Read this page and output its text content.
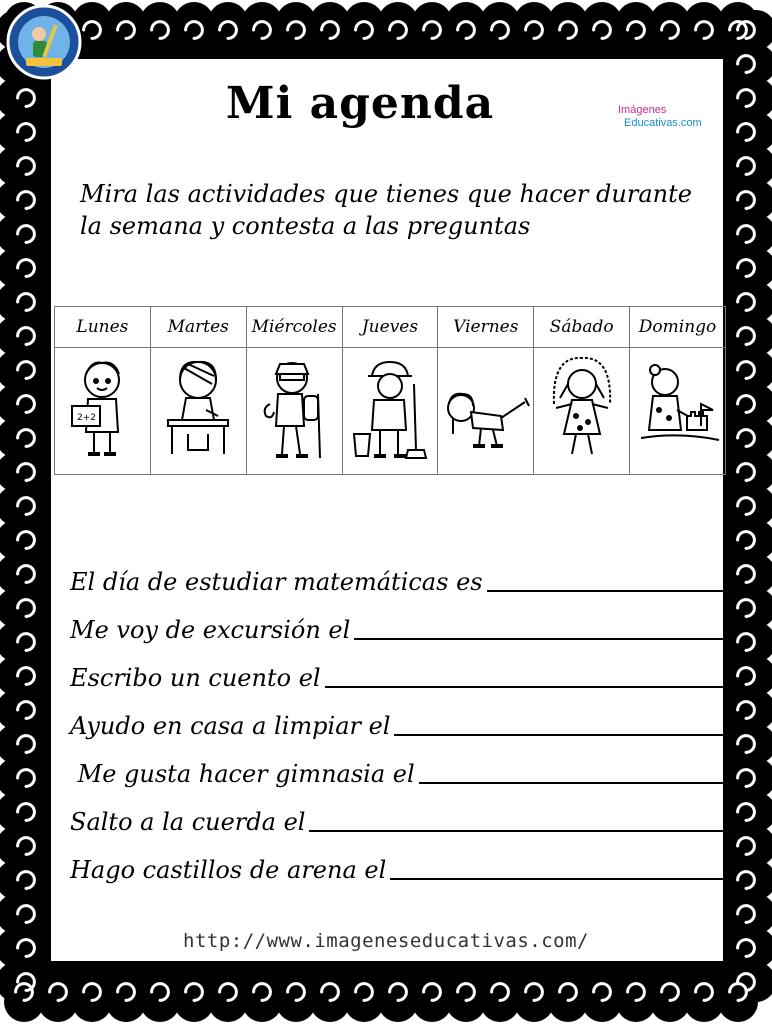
Mi agenda	Imágenes
Educativas.com
Mira las actividades que tienes que hacer durante la semana y contesta a las preguntas
Lunes	Martes	Miércoles	Jueves	Viernes	Sábado	Domingo

2+2

El día de estudiar matemáticas es
Me voy de excursión el
Escribo un cuento el
Ayudo en casa a limpiar el
Me gusta hacer gimnasia el
Salto a la cuerda el
Hago castillos de arena el
http://www.imageneseducativas.com/
